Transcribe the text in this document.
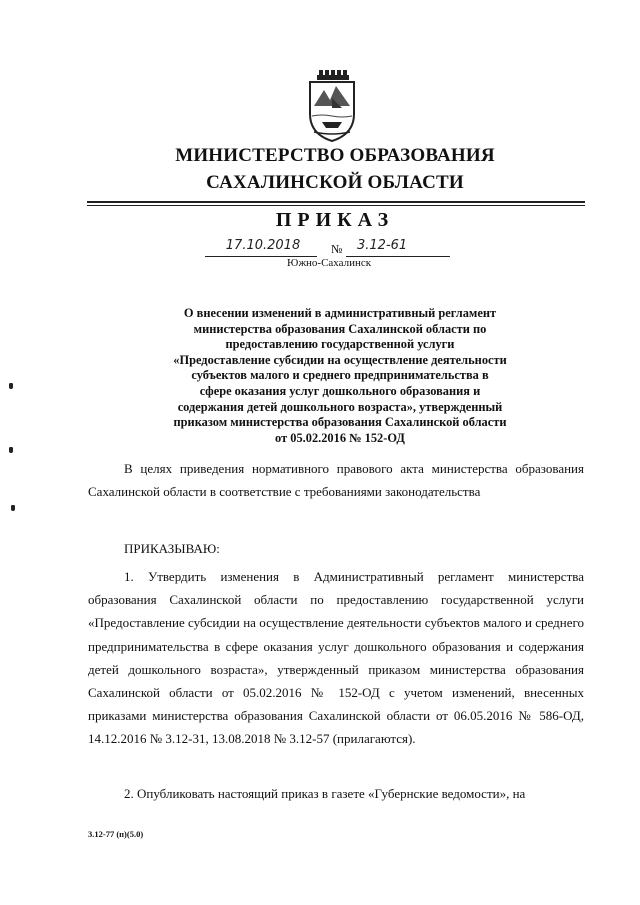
МИНИСТЕРСТВО ОБРАЗОВАНИЯ
САХАЛИНСКОЙ ОБЛАСТИ
ПРИКАЗ
17.10.2018	№ 3.12-61
Южно-Сахалинск
О внесении изменений в административный регламент
министерства образования Сахалинской области по
предоставлению государственной услуги
«Предоставление субсидии на осуществление деятельности
субъектов малого и среднего предпринимательства в
сфере оказания услуг дошкольного образования и
содержания детей дошкольного возраста», утвержденный
приказом министерства образования Сахалинской области
от 05.02.2016 № 152-ОД
В целях приведения нормативного правового акта министерства образования Сахалинской области в соответствие с требованиями законодательства
ПРИКАЗЫВАЮ:
1. Утвердить изменения в Административный регламент министерства образования Сахалинской области по предоставлению государственной услуги «Предоставление субсидии на осуществление деятельности субъектов малого и среднего предпринимательства в сфере оказания услуг дошкольного образования и содержания детей дошкольного возраста», утвержденный приказом министерства образования Сахалинской области от 05.02.2016 № 152-ОД с учетом изменений, внесенных приказами министерства образования Сахалинской области от 06.05.2016 № 586-ОД, 14.12.2016 № 3.12-31, 13.08.2018 № 3.12-57 (прилагаются).
2. Опубликовать настоящий приказ в газете «Губернские ведомости», на
3.12-77 (п)(5.0)
